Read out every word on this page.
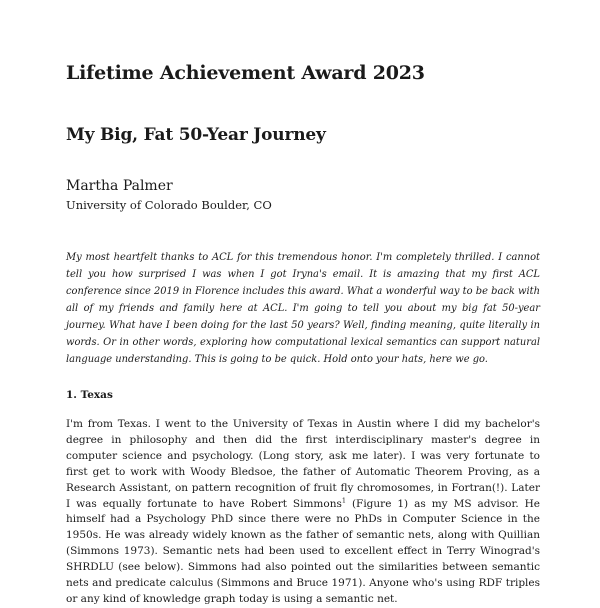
Lifetime Achievement Award 2023
My Big, Fat 50-Year Journey
Martha Palmer
University of Colorado Boulder, CO

My most heartfelt thanks to ACL for this tremendous honor. I'm completely thrilled. I cannot tell you how surprised I was when I got Iryna's email. It is amazing that my first ACL conference since 2019 in Florence includes this award. What a wonderful way to be back with all of my friends and family here at ACL. I'm going to tell you about my big fat 50-year journey. What have I been doing for the last 50 years? Well, finding meaning, quite literally in words. Or in other words, exploring how computational lexical semantics can support natural language understanding. This is going to be quick. Hold onto your hats, here we go.

1. Texas

I'm from Texas. I went to the University of Texas in Austin where I did my bachelor's degree in philosophy and then did the first interdisciplinary master's degree in computer science and psychology. (Long story, ask me later). I was very fortunate to first get to work with Woody Bledsoe, the father of Automatic Theorem Proving, as a Research Assistant, on pattern recognition of fruit fly chromosomes, in Fortran(!). Later I was equally fortunate to have Robert Simmons$^1$ (Figure 1) as my MS advisor. He himself had a Psychology PhD since there were no PhDs in Computer Science in the 1950s. He was already widely known as the father of semantic nets, along with Quillian (Simmons 1973). Semantic nets had been used to excellent effect in Terry Winograd's SHRDLU (see below). Simmons had also pointed out the similarities between semantic nets and predicate calculus (Simmons and Bruce 1971). Anyone who's using RDF triples or any kind of knowledge graph today is using a semantic net.
